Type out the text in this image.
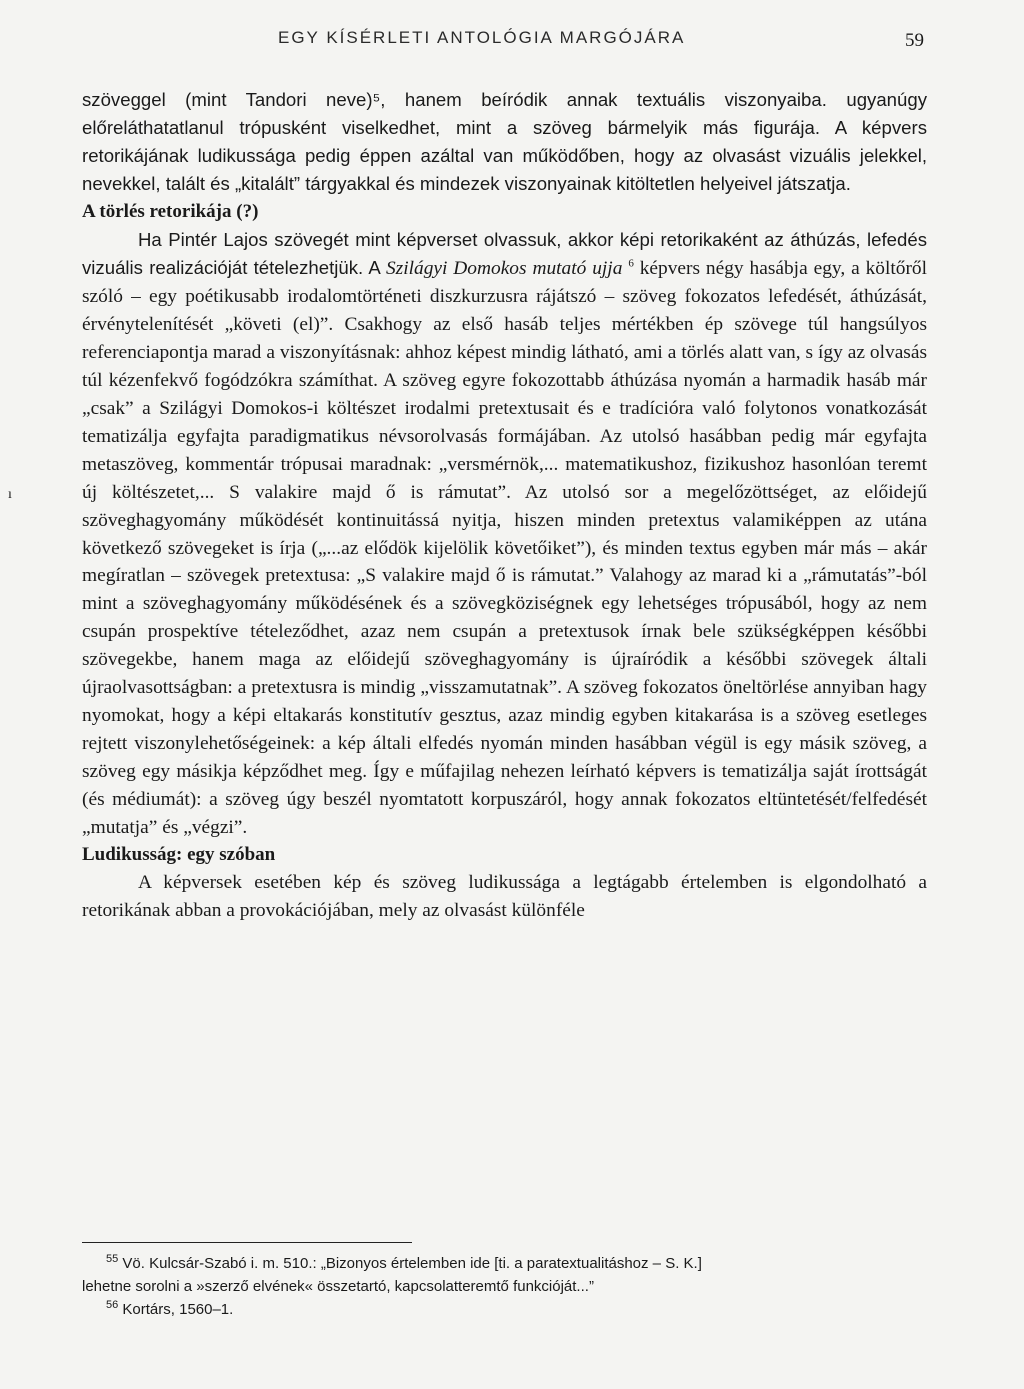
EGY KÍSÉRLETI ANTOLÓGIA MARGÓJÁRA	59
ı

szöveggel (mint Tandori neve)⁵, hanem beíródik annak textuális viszonyaiba. ugyanúgy előreláthatatlanul trópusként viselkedhet, mint a szöveg bármelyik más figurája. A képvers retorikájának ludikussága pedig éppen azáltal van működőben, hogy az olvasást vizuális jelekkel, nevekkel, talált és „kitalált” tárgyakkal és mindezek viszonyainak kitöltetlen helyeivel játszatja.

A törlés retorikája (?)

Ha Pintér Lajos szövegét mint képverset olvassuk, akkor képi retorikaként az áthúzás, lefedés vizuális realizációját tételezhetjük. A Szilágyi Domokos mutató ujja $^6$ képvers négy hasábja egy, a költőről szóló – egy poétikusabb irodalomtörténeti diszkurzusra rájátszó – szöveg fokozatos lefedését, áthúzását, érvénytelenítését „követi (el)”. Csakhogy az első hasáb teljes mértékben ép szövege túl hangsúlyos referenciapontja marad a viszonyításnak: ahhoz képest mindig látható, ami a törlés alatt van, s így az olvasás túl kézenfekvő fogódzókra számíthat. A szöveg egyre fokozottabb áthúzása nyomán a harmadik hasáb már „csak” a Szilágyi Domokos-i költészet irodalmi pretextusait és e tradícióra való folytonos vonatkozását tematizálja egyfajta paradigmatikus névsorolvasás formájában. Az utolsó hasábban pedig már egyfajta metaszöveg, kommentár trópusai maradnak: „versmérnök,... matematikushoz, fizikushoz hasonlóan teremt új költészetet,... S valakire majd ő is rámutat”. Az utolsó sor a megelőzöttséget, az előidejű szöveghagyomány működését kontinuitássá nyitja, hiszen minden pretextus valamiképpen az utána következő szövegeket is írja („...az elődök kijelölik követőiket”), és minden textus egyben már más – akár megíratlan – szövegek pretextusa: „S valakire majd ő is rámutat.” Valahogy az marad ki a „rámutatás”-ból mint a szöveghagyomány működésének és a szövegköziségnek egy lehetséges trópusából, hogy az nem csupán prospektíve tételeződhet, azaz nem csupán a pretextusok írnak bele szükségképpen későbbi szövegekbe, hanem maga az előidejű szöveghagyomány is újraíródik a későbbi szövegek általi újraolvasottságban: a pretextusra is mindig „visszamutatnak”. A szöveg fokozatos öneltörlése annyiban hagy nyomokat, hogy a képi eltakarás konstitutív gesztus, azaz mindig egyben kitakarása is a szöveg esetleges rejtett viszonylehetőségeinek: a kép általi elfedés nyomán minden hasábban végül is egy másik szöveg, a szöveg egy másikja képződhet meg. Így e műfajilag nehezen leírható képvers is tematizálja saját írottságát (és médiumát): a szöveg úgy beszél nyomtatott korpuszáról, hogy annak fokozatos eltüntetését/felfedését „mutatja” és „végzi”.

Ludikusság: egy szóban

A képversek esetében kép és szöveg ludikussága a legtágabb értelemben is elgondolható a retorikának abban a provokációjában, mely az olvasást különféle

$^{55}$ Vö. Kulcsár-Szabó i. m. 510.: „Bizonyos értelemben ide [ti. a paratextualitáshoz – S. K.]

lehetne sorolni a »szerző elvének« összetartó, kapcsolatteremtő funkcióját...”

$^{56}$ Kortárs, 1560–1.
